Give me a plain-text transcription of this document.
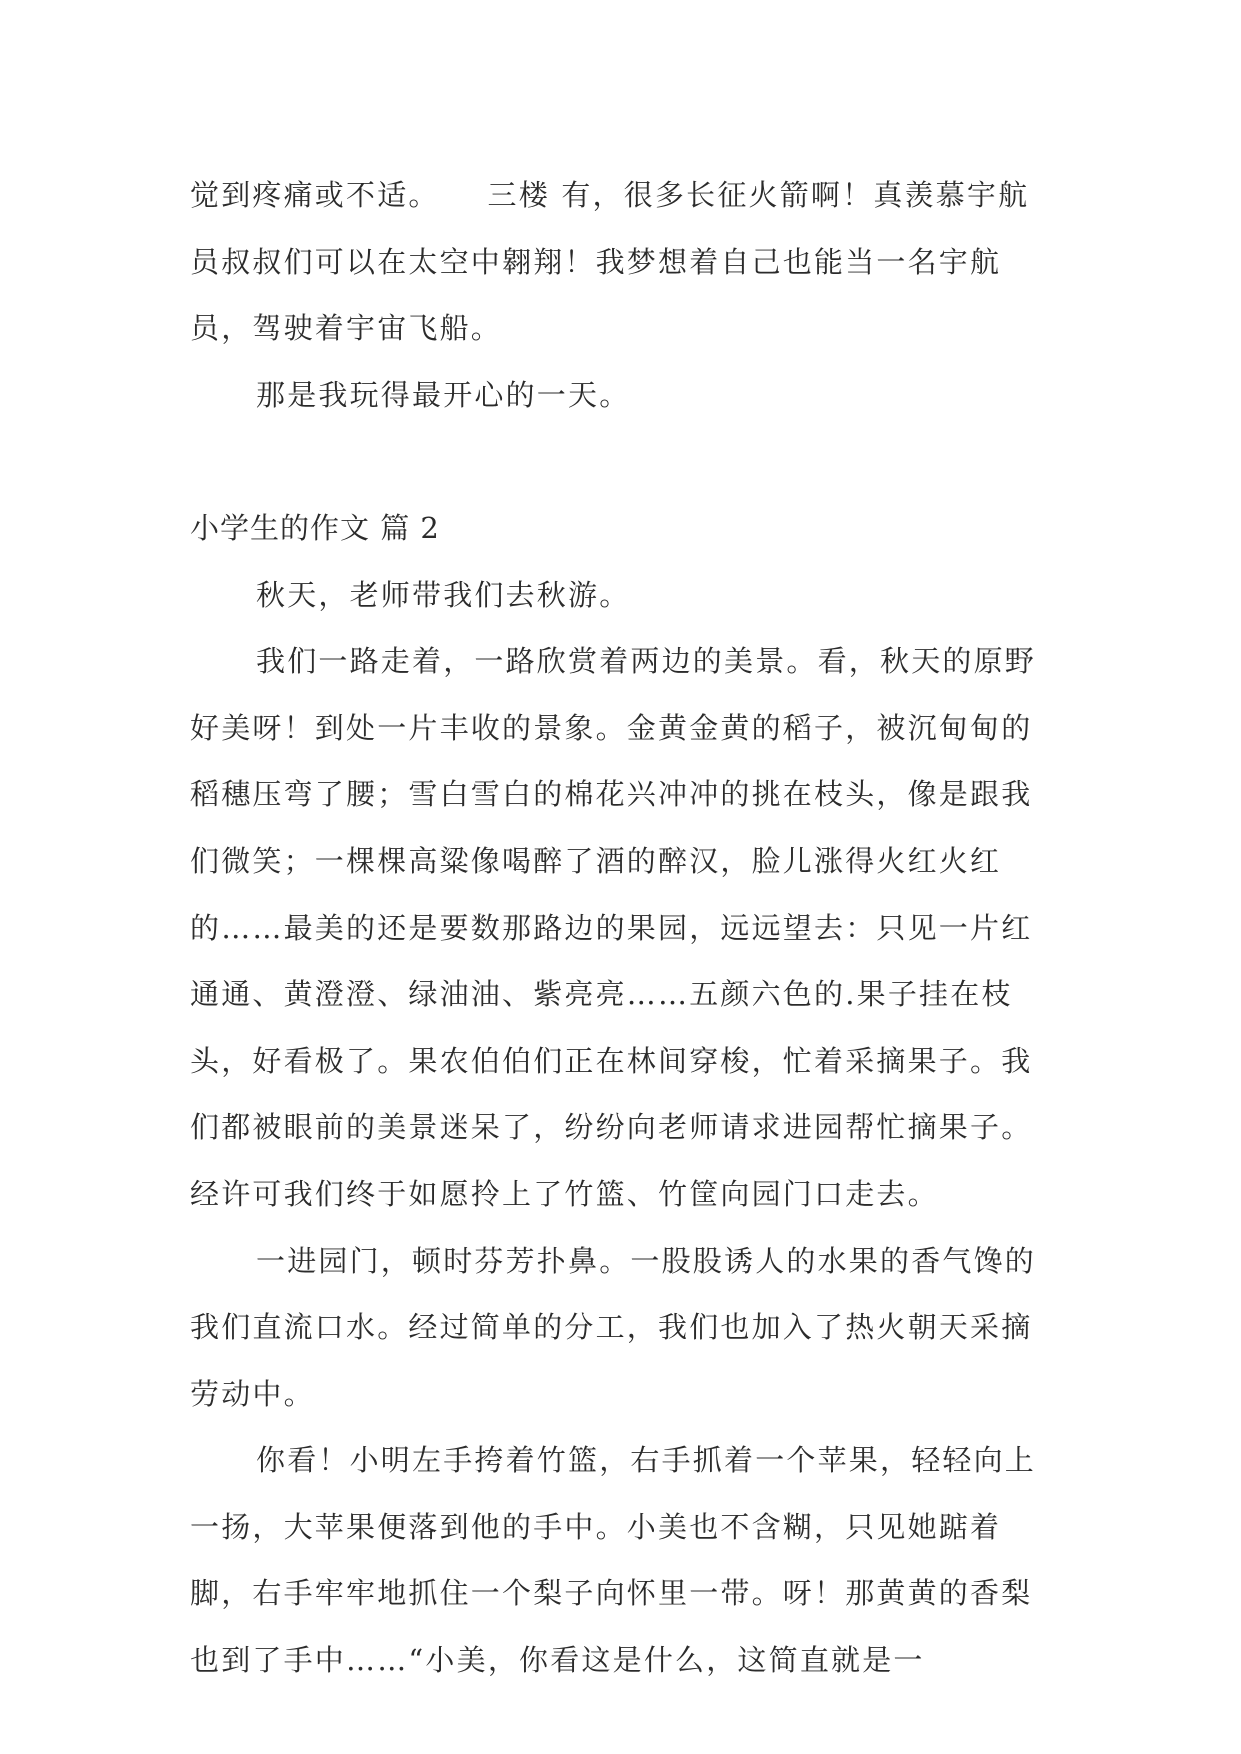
觉到疼痛或不适。　　三楼 有，很多长征火箭啊！真羡慕宇航员叔叔们可以在太空中翱翔！我梦想着自己也能当一名宇航员，驾驶着宇宙飞船。

那是我玩得最开心的一天。

小学生的作文 篇 2

秋天，老师带我们去秋游。

我们一路走着，一路欣赏着两边的美景。看，秋天的原野好美呀！到处一片丰收的景象。金黄金黄的稻子，被沉甸甸的稻穗压弯了腰；雪白雪白的棉花兴冲冲的挑在枝头，像是跟我们微笑；一棵棵高粱像喝醉了酒的醉汉，脸儿涨得火红火红的……最美的还是要数那路边的果园，远远望去：只见一片红通通、黄澄澄、绿油油、紫亮亮……五颜六色的.果子挂在枝头，好看极了。果农伯伯们正在林间穿梭，忙着采摘果子。我们都被眼前的美景迷呆了，纷纷向老师请求进园帮忙摘果子。经许可我们终于如愿拎上了竹篮、竹筐向园门口走去。

一进园门，顿时芬芳扑鼻。一股股诱人的水果的香气馋的我们直流口水。经过简单的分工，我们也加入了热火朝天采摘劳动中。

你看！小明左手挎着竹篮，右手抓着一个苹果，轻轻向上一扬，大苹果便落到他的手中。小美也不含糊，只见她踮着脚，右手牢牢地抓住一个梨子向怀里一带。呀！那黄黄的香梨也到了手中……“小美，你看这是什么，这简直就是一
